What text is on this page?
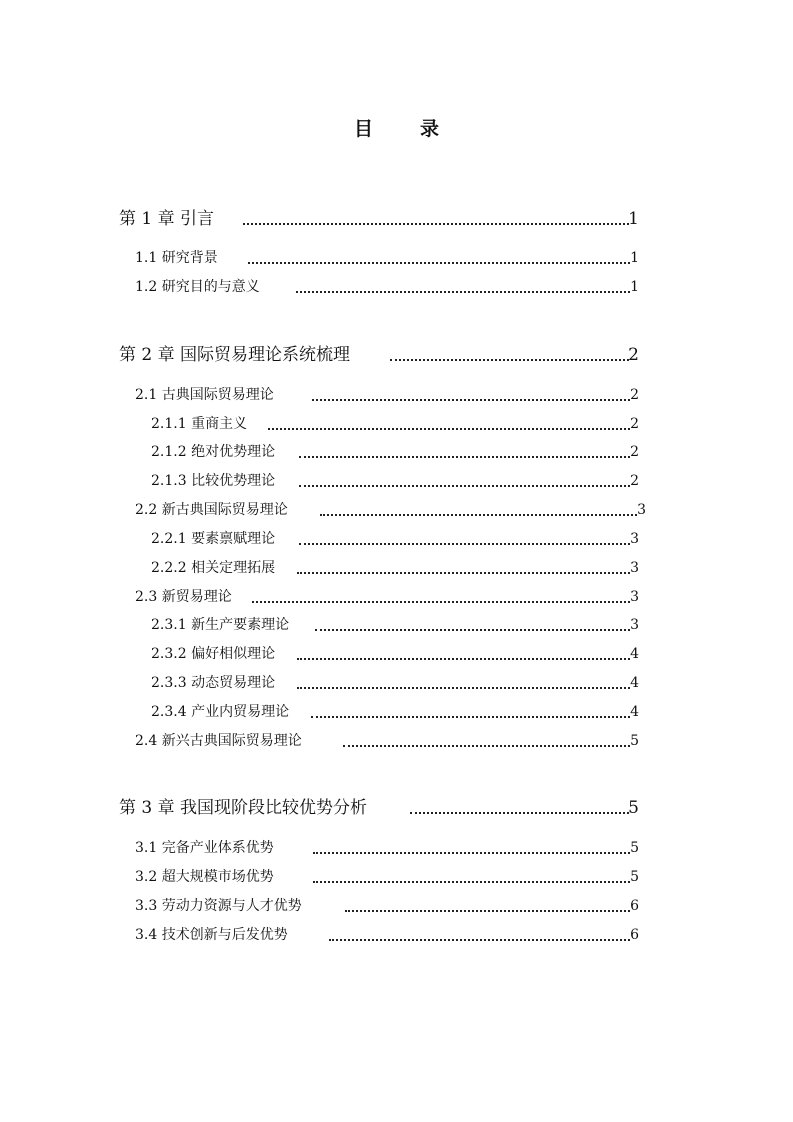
目　录
第 1 章 引言	1
1.1 研究背景	1
1.2 研究目的与意义	1
第 2 章 国际贸易理论系统梳理	2
2.1 古典国际贸易理论	2
2.1.1 重商主义	2
2.1.2 绝对优势理论	2
2.1.3 比较优势理论	2
2.2 新古典国际贸易理论	3
2.2.1 要素禀赋理论	3
2.2.2 相关定理拓展	3
2.3 新贸易理论	3
2.3.1 新生产要素理论	3
2.3.2 偏好相似理论	4
2.3.3 动态贸易理论	4
2.3.4 产业内贸易理论	4
2.4 新兴古典国际贸易理论	5
第 3 章 我国现阶段比较优势分析	5
3.1 完备产业体系优势	5
3.2 超大规模市场优势	5
3.3 劳动力资源与人才优势	6
3.4 技术创新与后发优势	6
